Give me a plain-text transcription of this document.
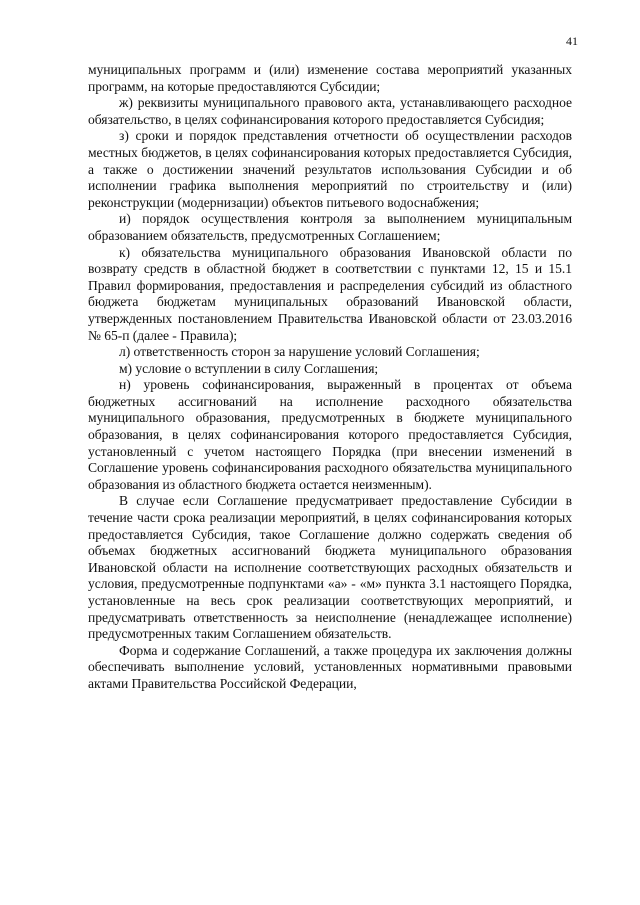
41

муниципальных программ и (или) изменение состава мероприятий указанных программ, на которые предоставляются Субсидии;

ж) реквизиты муниципального правового акта, устанавливающего расходное обязательство, в целях софинансирования которого предоставляется Субсидия;

з) сроки и порядок представления отчетности об осуществлении расходов местных бюджетов, в целях софинансирования которых предоставляется Субсидия, а также о достижении значений результатов использования Субсидии и об исполнении графика выполнения мероприятий по строительству и (или) реконструкции (модернизации) объектов питьевого водоснабжения;

и) порядок осуществления контроля за выполнением муниципальным образованием обязательств, предусмотренных Соглашением;

к) обязательства муниципального образования Ивановской области по возврату средств в областной бюджет в соответствии с пунктами 12, 15 и 15.1 Правил формирования, предоставления и распределения субсидий из областного бюджета бюджетам муниципальных образований Ивановской области, утвержденных постановлением Правительства Ивановской области от 23.03.2016 № 65-п (далее - Правила);

л) ответственность сторон за нарушение условий Соглашения;

м) условие о вступлении в силу Соглашения;

н) уровень софинансирования, выраженный в процентах от объема бюджетных ассигнований на исполнение расходного обязательства муниципального образования, предусмотренных в бюджете муниципального образования, в целях софинансирования которого предоставляется Субсидия, установленный с учетом настоящего Порядка (при внесении изменений в Соглашение уровень софинансирования расходного обязательства муниципального образования из областного бюджета остается неизменным).

В случае если Соглашение предусматривает предоставление Субсидии в течение части срока реализации мероприятий, в целях софинансирования которых предоставляется Субсидия, такое Соглашение должно содержать сведения об объемах бюджетных ассигнований бюджета муниципального образования Ивановской области на исполнение соответствующих расходных обязательств и условия, предусмотренные подпунктами «а» - «м» пункта 3.1 настоящего Порядка, установленные на весь срок реализации соответствующих мероприятий, и предусматривать ответственность за неисполнение (ненадлежащее исполнение) предусмотренных таким Соглашением обязательств.

Форма и содержание Соглашений, а также процедура их заключения должны обеспечивать выполнение условий, установленных нормативными правовыми актами Правительства Российской Федерации,
